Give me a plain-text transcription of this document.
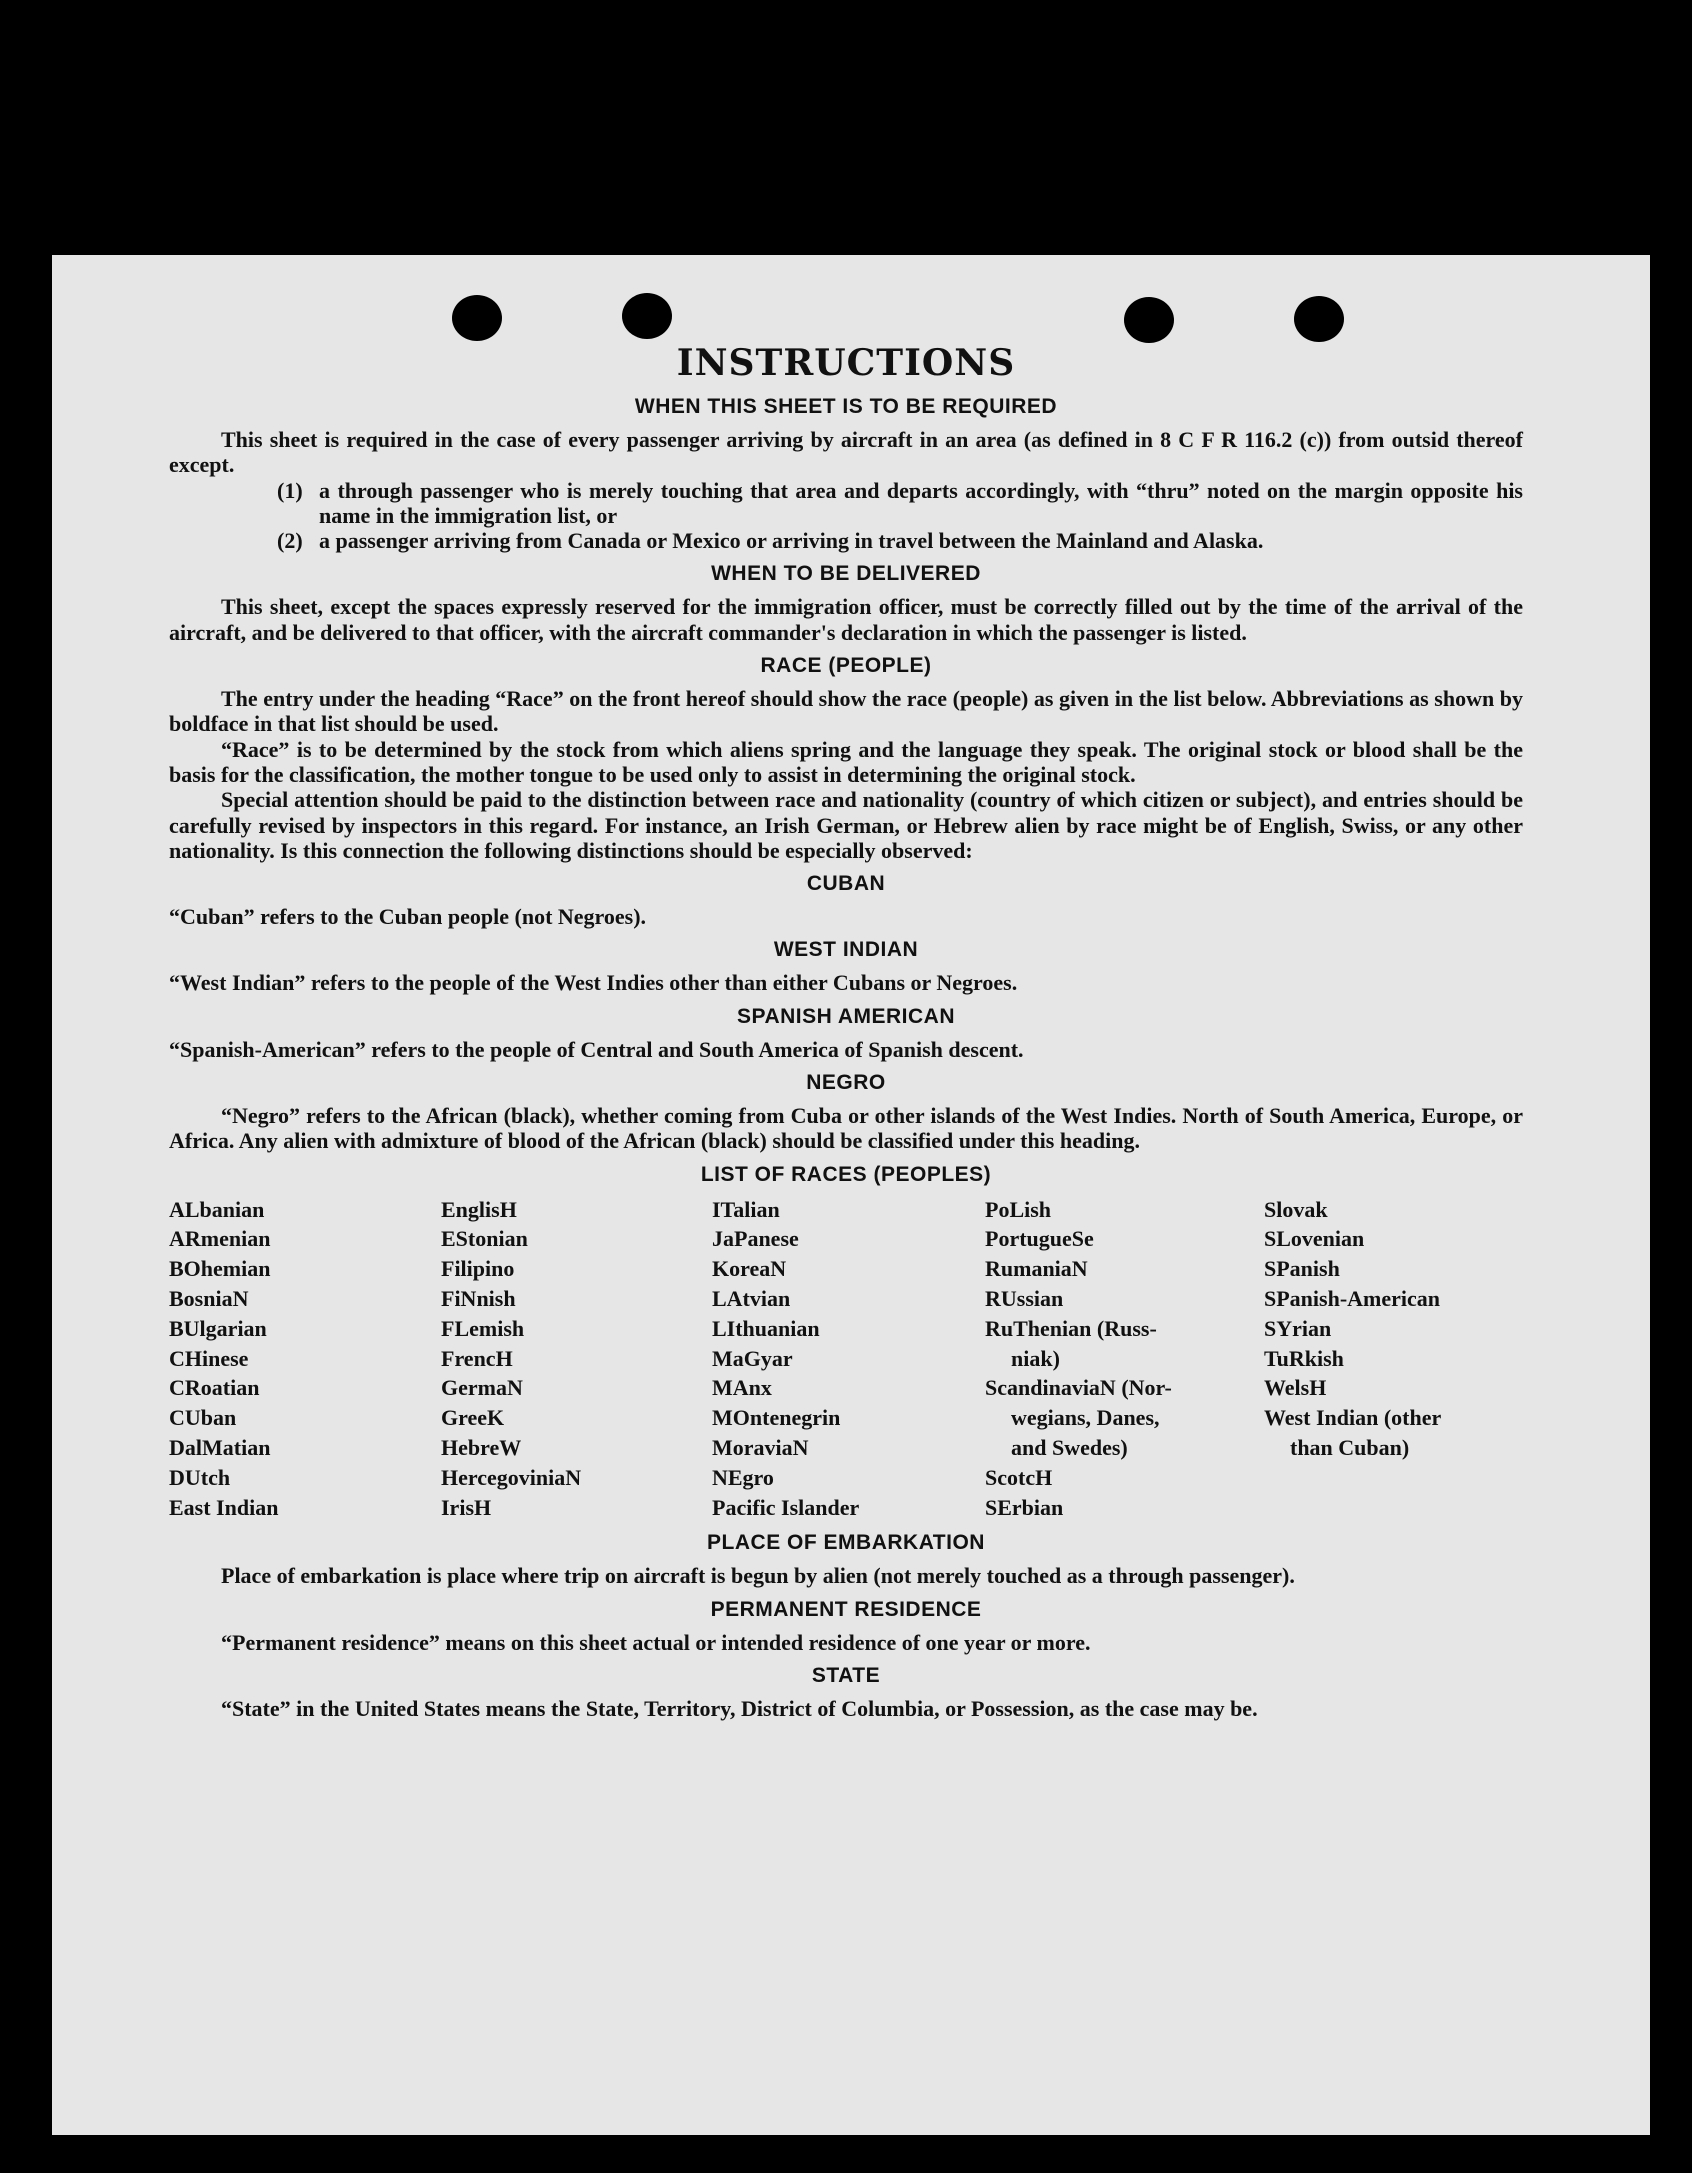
INSTRUCTIONS
WHEN THIS SHEET IS TO BE REQUIRED

This sheet is required in the case of every passenger arriving by aircraft in an area (as defined in 8 C F R 116.2 (c)) from outsid thereof except.

(1) a through passenger who is merely touching that area and departs accordingly, with “thru” noted on the margin opposite his name in the immigration list, or
(2) a passenger arriving from Canada or Mexico or arriving in travel between the Mainland and Alaska.
WHEN TO BE DELIVERED

This sheet, except the spaces expressly reserved for the immigration officer, must be correctly filled out by the time of the arrival of the aircraft, and be delivered to that officer, with the aircraft commander's declaration in which the passenger is listed.

RACE (PEOPLE)

The entry under the heading “Race” on the front hereof should show the race (people) as given in the list below. Abbreviations as shown by boldface in that list should be used.

“Race” is to be determined by the stock from which aliens spring and the language they speak. The original stock or blood shall be the basis for the classification, the mother tongue to be used only to assist in determining the original stock.

Special attention should be paid to the distinction between race and nationality (country of which citizen or subject), and entries should be carefully revised by inspectors in this regard. For instance, an Irish German, or Hebrew alien by race might be of English, Swiss, or any other nationality. Is this connection the following distinctions should be especially observed:

CUBAN

“Cuban” refers to the Cuban people (not Negroes).

WEST INDIAN

“West Indian” refers to the people of the West Indies other than either Cubans or Negroes.

SPANISH AMERICAN

“Spanish-American” refers to the people of Central and South America of Spanish descent.

NEGRO

“Negro” refers to the African (black), whether coming from Cuba or other islands of the West Indies. North of South America, Europe, or Africa. Any alien with admixture of blood of the African (black) should be classified under this heading.

LIST OF RACES (PEOPLES)
ALbanian
ARmenian
BOhemian
BosniaN
BUlgarian
CHinese
CRoatian
CUban
DalMatian
DUtch
East Indian
EnglisH
EStonian
Filipino
FiNnish
FLemish
FrencH
GermaN
GreeK
HebreW
HercegoviniaN
IrisH
ITalian
JaPanese
KoreaN
LAtvian
LIthuanian
MaGyar
MAnx
MOntenegrin
MoraviaN
NEgro
Pacific Islander
PoLish
PortugueSe
RumaniaN
RUssian
RuThenian (Russ-
niak)
ScandinaviaN (Nor-
wegians, Danes,
and Swedes)
ScotcH
SErbian
Slovak
SLovenian
SPanish
SPanish-American
SYrian
TuRkish
WelsH
West Indian (other
than Cuban)
PLACE OF EMBARKATION

Place of embarkation is place where trip on aircraft is begun by alien (not merely touched as a through passenger).

PERMANENT RESIDENCE

“Permanent residence” means on this sheet actual or intended residence of one year or more.

STATE

“State” in the United States means the State, Territory, District of Columbia, or Possession, as the case may be.
